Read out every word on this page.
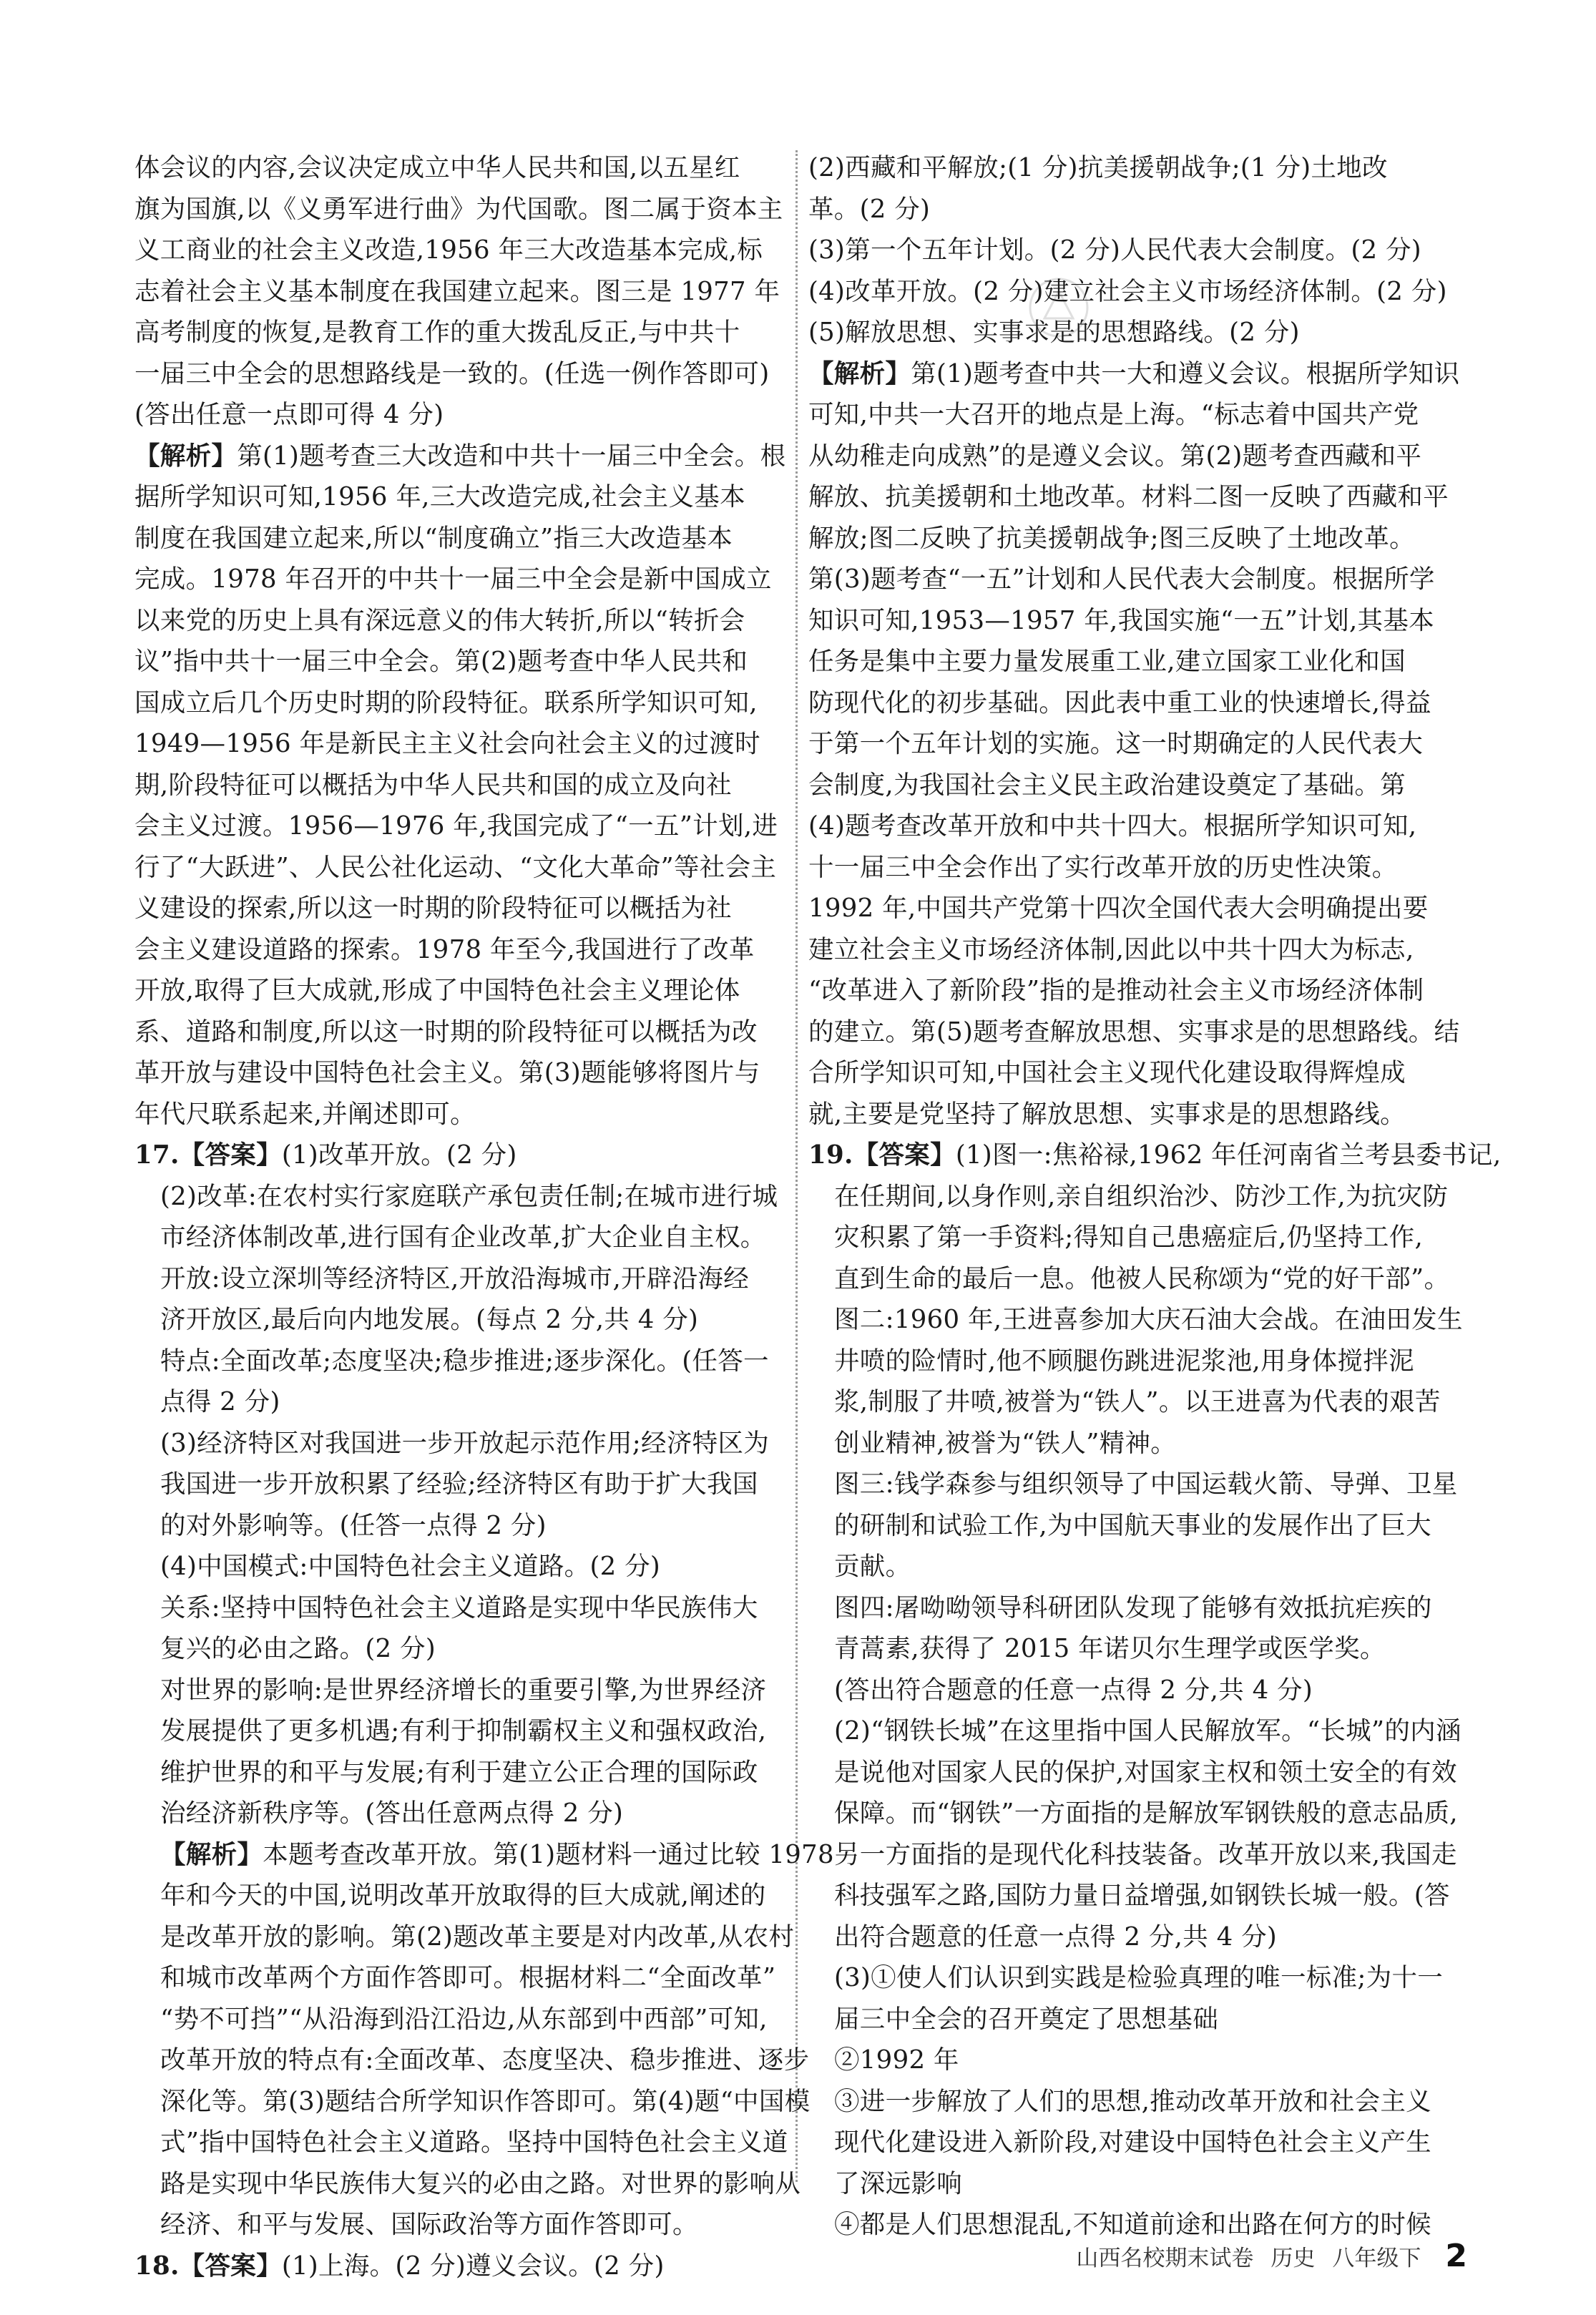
体会议的内容,会议决定成立中华人民共和国,以五星红
旗为国旗,以《义勇军进行曲》为代国歌。图二属于资本主
义工商业的社会主义改造,1956 年三大改造基本完成,标
志着社会主义基本制度在我国建立起来。图三是 1977 年
高考制度的恢复,是教育工作的重大拨乱反正,与中共十
一届三中全会的思想路线是一致的。(任选一例作答即可)
(答出任意一点即可得 4 分)
【解析】第(1)题考查三大改造和中共十一届三中全会。根
据所学知识可知,1956 年,三大改造完成,社会主义基本
制度在我国建立起来,所以“制度确立”指三大改造基本
完成。1978 年召开的中共十一届三中全会是新中国成立
以来党的历史上具有深远意义的伟大转折,所以“转折会
议”指中共十一届三中全会。第(2)题考查中华人民共和
国成立后几个历史时期的阶段特征。联系所学知识可知,
1949—1956 年是新民主主义社会向社会主义的过渡时
期,阶段特征可以概括为中华人民共和国的成立及向社
会主义过渡。1956—1976 年,我国完成了“一五”计划,进
行了“大跃进”、人民公社化运动、“文化大革命”等社会主
义建设的探索,所以这一时期的阶段特征可以概括为社
会主义建设道路的探索。1978 年至今,我国进行了改革
开放,取得了巨大成就,形成了中国特色社会主义理论体
系、道路和制度,所以这一时期的阶段特征可以概括为改
革开放与建设中国特色社会主义。第(3)题能够将图片与
年代尺联系起来,并阐述即可。
17.【答案】(1)改革开放。(2 分)
(2)改革:在农村实行家庭联产承包责任制;在城市进行城
市经济体制改革,进行国有企业改革,扩大企业自主权。
开放:设立深圳等经济特区,开放沿海城市,开辟沿海经
济开放区,最后向内地发展。(每点 2 分,共 4 分)
特点:全面改革;态度坚决;稳步推进;逐步深化。(任答一
点得 2 分)
(3)经济特区对我国进一步开放起示范作用;经济特区为
我国进一步开放积累了经验;经济特区有助于扩大我国
的对外影响等。(任答一点得 2 分)
(4)中国模式:中国特色社会主义道路。(2 分)
关系:坚持中国特色社会主义道路是实现中华民族伟大
复兴的必由之路。(2 分)
对世界的影响:是世界经济增长的重要引擎,为世界经济
发展提供了更多机遇;有利于抑制霸权主义和强权政治,
维护世界的和平与发展;有利于建立公正合理的国际政
治经济新秩序等。(答出任意两点得 2 分)
【解析】本题考查改革开放。第(1)题材料一通过比较 1978
年和今天的中国,说明改革开放取得的巨大成就,阐述的
是改革开放的影响。第(2)题改革主要是对内改革,从农村
和城市改革两个方面作答即可。根据材料二“全面改革”
“势不可挡”“从沿海到沿江沿边,从东部到中西部”可知,
改革开放的特点有:全面改革、态度坚决、稳步推进、逐步
深化等。第(3)题结合所学知识作答即可。第(4)题“中国模
式”指中国特色社会主义道路。坚持中国特色社会主义道
路是实现中华民族伟大复兴的必由之路。对世界的影响从
经济、和平与发展、国际政治等方面作答即可。
18.【答案】(1)上海。(2 分)遵义会议。(2 分)
(2)西藏和平解放;(1 分)抗美援朝战争;(1 分)土地改
革。(2 分)
(3)第一个五年计划。(2 分)人民代表大会制度。(2 分)
(4)改革开放。(2 分)建立社会主义市场经济体制。(2 分)
(5)解放思想、实事求是的思想路线。(2 分)
【解析】第(1)题考查中共一大和遵义会议。根据所学知识
可知,中共一大召开的地点是上海。“标志着中国共产党
从幼稚走向成熟”的是遵义会议。第(2)题考查西藏和平
解放、抗美援朝和土地改革。材料二图一反映了西藏和平
解放;图二反映了抗美援朝战争;图三反映了土地改革。
第(3)题考查“一五”计划和人民代表大会制度。根据所学
知识可知,1953—1957 年,我国实施“一五”计划,其基本
任务是集中主要力量发展重工业,建立国家工业化和国
防现代化的初步基础。因此表中重工业的快速增长,得益
于第一个五年计划的实施。这一时期确定的人民代表大
会制度,为我国社会主义民主政治建设奠定了基础。第
(4)题考查改革开放和中共十四大。根据所学知识可知,
十一届三中全会作出了实行改革开放的历史性决策。
1992 年,中国共产党第十四次全国代表大会明确提出要
建立社会主义市场经济体制,因此以中共十四大为标志,
“改革进入了新阶段”指的是推动社会主义市场经济体制
的建立。第(5)题考查解放思想、实事求是的思想路线。结
合所学知识可知,中国社会主义现代化建设取得辉煌成
就,主要是党坚持了解放思想、实事求是的思想路线。
19.【答案】(1)图一:焦裕禄,1962 年任河南省兰考县委书记,
在任期间,以身作则,亲自组织治沙、防沙工作,为抗灾防
灾积累了第一手资料;得知自己患癌症后,仍坚持工作,
直到生命的最后一息。他被人民称颂为“党的好干部”。
图二:1960 年,王进喜参加大庆石油大会战。在油田发生
井喷的险情时,他不顾腿伤跳进泥浆池,用身体搅拌泥
浆,制服了井喷,被誉为“铁人”。以王进喜为代表的艰苦
创业精神,被誉为“铁人”精神。
图三:钱学森参与组织领导了中国运载火箭、导弹、卫星
的研制和试验工作,为中国航天事业的发展作出了巨大
贡献。
图四:屠呦呦领导科研团队发现了能够有效抵抗疟疾的
青蒿素,获得了 2015 年诺贝尔生理学或医学奖。
(答出符合题意的任意一点得 2 分,共 4 分)
(2)“钢铁长城”在这里指中国人民解放军。“长城”的内涵
是说他对国家人民的保护,对国家主权和领土安全的有效
保障。而“钢铁”一方面指的是解放军钢铁般的意志品质,
另一方面指的是现代化科技装备。改革开放以来,我国走
科技强军之路,国防力量日益增强,如钢铁长城一般。(答
出符合题意的任意一点得 2 分,共 4 分)
(3)①使人们认识到实践是检验真理的唯一标准;为十一
届三中全会的召开奠定了思想基础
②1992 年
③进一步解放了人们的思想,推动改革开放和社会主义
现代化建设进入新阶段,对建设中国特色社会主义产生
了深远影响
④都是人们思想混乱,不知道前途和出路在何方的时候
山西名校期末试卷 历史 八年级下 2
